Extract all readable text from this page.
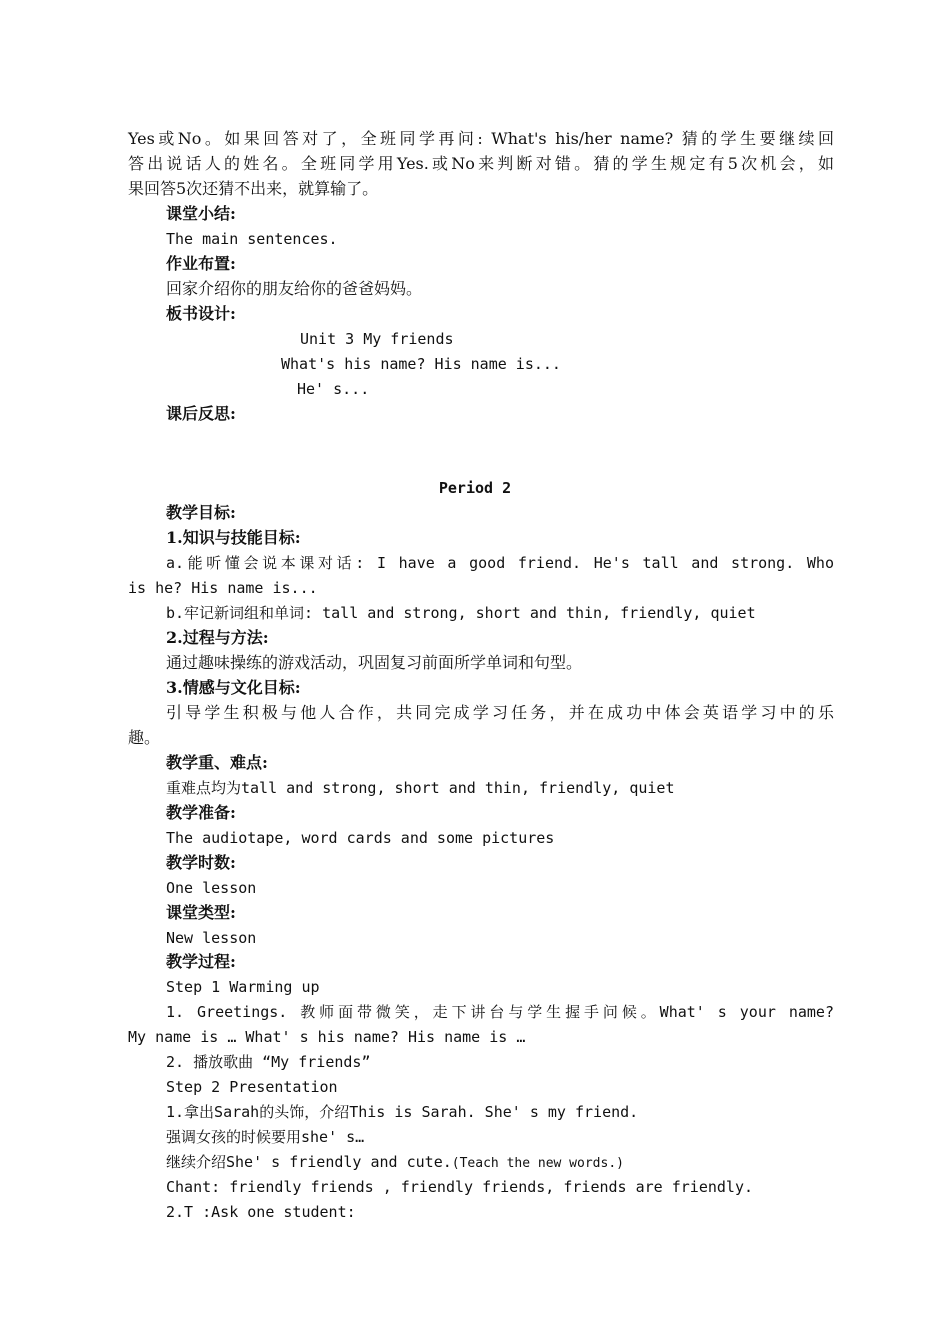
Yes或No。如果回答对了，全班同学再问: What's his/her name? 猜的学生要继续回
答出说话人的姓名。全班同学用Yes.或No来判断对错。猜的学生规定有5次机会，如
果回答5次还猜不出来，就算输了。
课堂小结:
The main sentences.
作业布置:
回家介绍你的朋友给你的爸爸妈妈。
板书设计:
Unit 3 My friends
What's his name? His name is...
He' s...
课后反思:
Period 2
教学目标:
1.知识与技能目标:
a.能听懂会说本课对话: I have a good friend. He's tall and strong. Who
is he? His name is...
b.牢记新词组和单词: tall and strong, short and thin, friendly, quiet
2.过程与方法:
通过趣味操练的游戏活动，巩固复习前面所学单词和句型。
3.情感与文化目标:
引导学生积极与他人合作，共同完成学习任务，并在成功中体会英语学习中的乐
趣。
教学重、难点:
重难点均为tall and strong, short and thin, friendly, quiet
教学准备:
The audiotape, word cards and some pictures
教学时数:
One lesson
课堂类型:
New lesson
教学过程:
Step 1 Warming up
1. Greetings. 教师面带微笑，走下讲台与学生握手问候。What' s your name?
My name is … What' s his name? His name is …
2. 播放歌曲 “My friends”
Step 2 Presentation
1.拿出Sarah的头饰，介绍This is Sarah. She' s my friend.
强调女孩的时候要用she' s…
继续介绍She' s friendly and cute.(Teach the new words.)
Chant: friendly friends , friendly friends, friends are friendly.
2.T :Ask one student:
